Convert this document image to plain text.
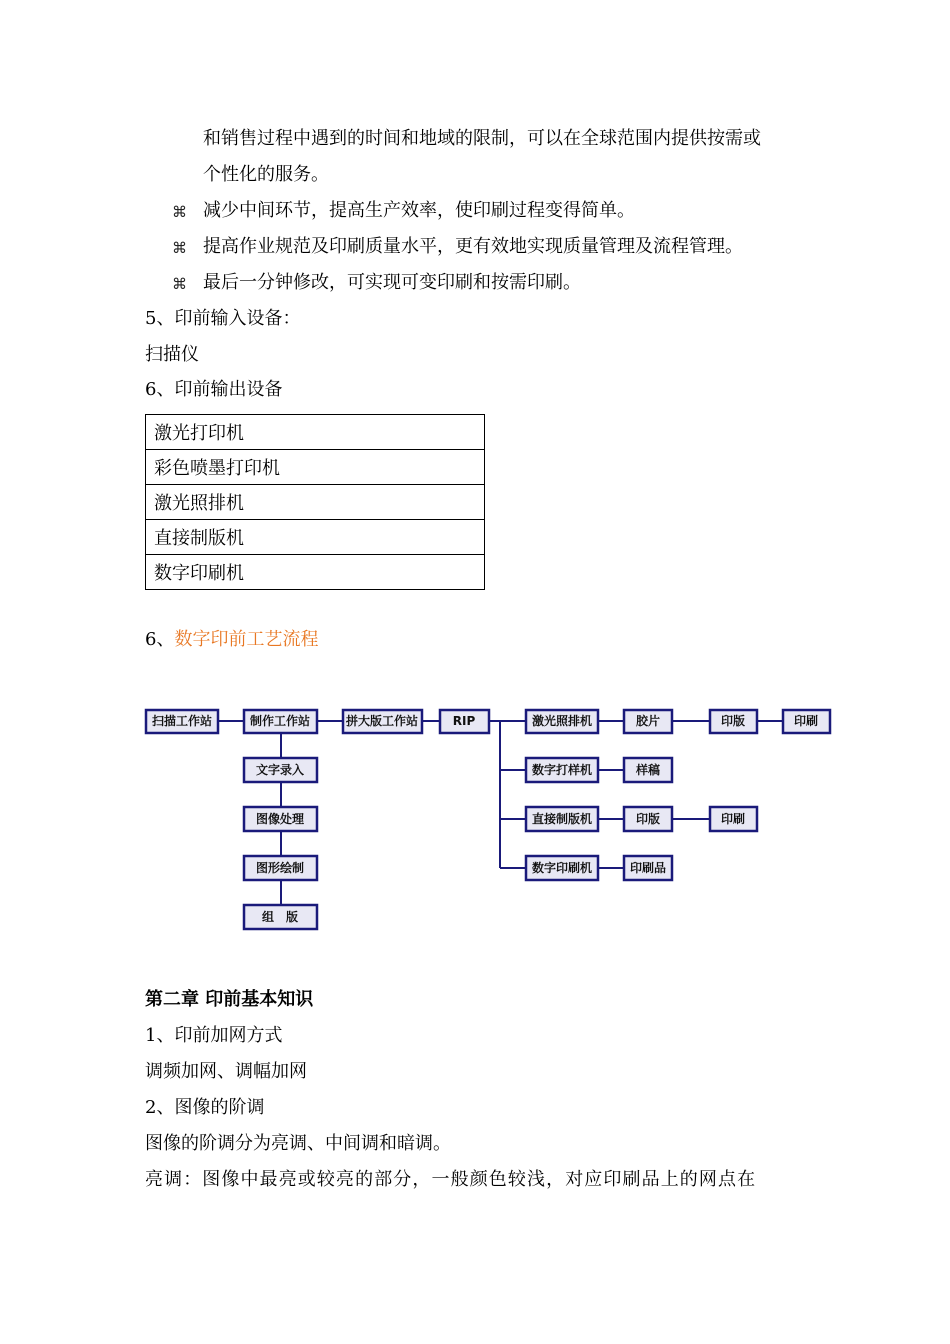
和销售过程中遇到的时间和地域的限制，可以在全球范围内提供按需或
个性化的服务。
⌘ 减少中间环节，提高生产效率，使印刷过程变得简单。
⌘ 提高作业规范及印刷质量水平，更有效地实现质量管理及流程管理。
⌘ 最后一分钟修改，可实现可变印刷和按需印刷。
5、印前输入设备：
扫描仪
6、印前输出设备
激光打印机
彩色喷墨打印机
激光照排机
直接制版机
数字印刷机
6、数字印前工艺流程
扫描工作站	制作工作站	拼大版工作站	RIP	激光照排机	胶片	印版	印刷
文字录入
图像处理
图形绘制
组　版
数字打样机	样稿
直接制版机	印版	印刷
数字印刷机	印刷品
第二章 印前基本知识
1、印前加网方式
调频加网、调幅加网
2、图像的阶调
图像的阶调分为亮调、中间调和暗调。
亮调：图像中最亮或较亮的部分，一般颜色较浅，对应印刷品上的网点在
